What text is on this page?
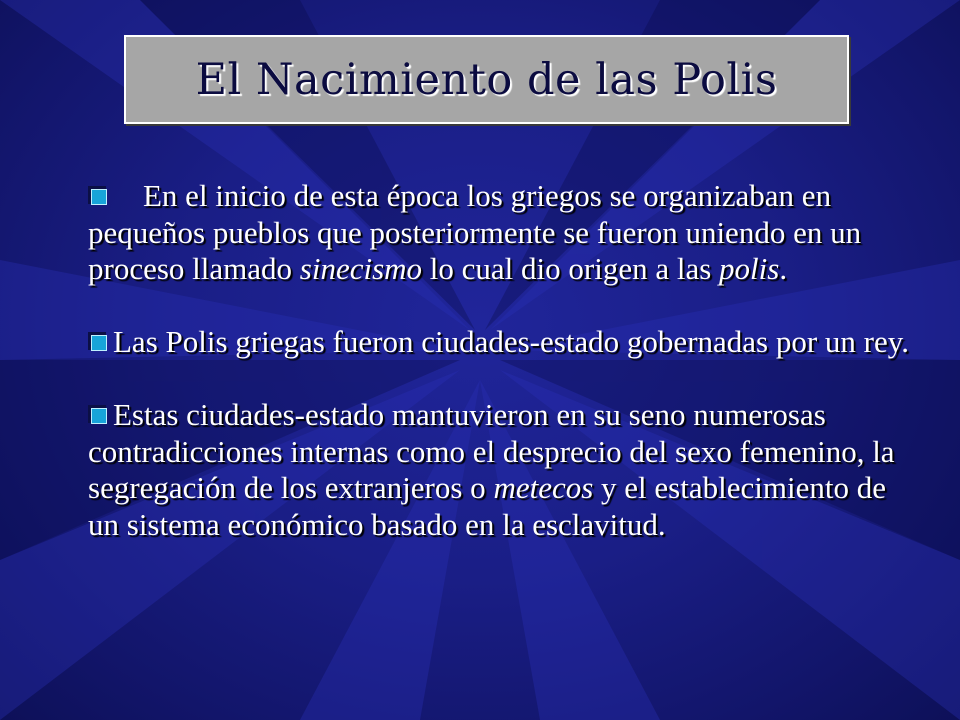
El Nacimiento de las Polis

En el inicio de esta época los griegos se organizaban en pequeños pueblos que posteriormente se fueron uniendo en un proceso llamado sinecismo lo cual dio origen a las polis.

Las Polis griegas fueron ciudades-estado gobernadas por un rey.

Estas ciudades-estado mantuvieron en su seno numerosas contradicciones internas como el desprecio del sexo femenino, la segregación de los extranjeros o metecos y el establecimiento de un sistema económico basado en la esclavitud.
